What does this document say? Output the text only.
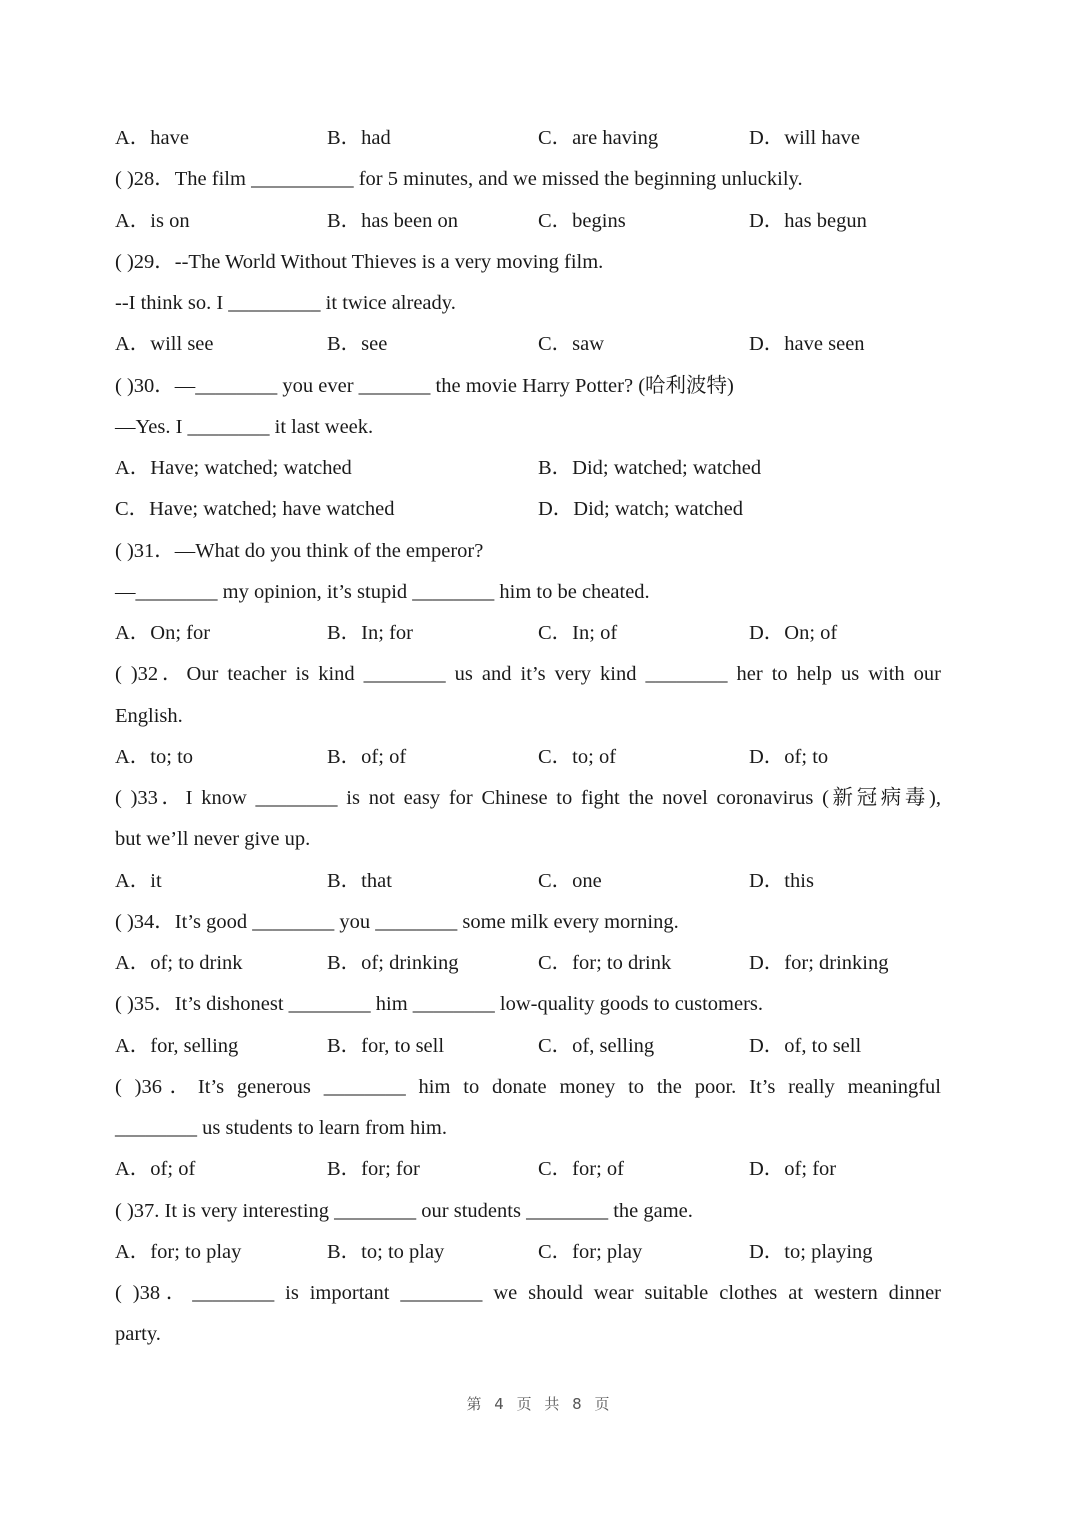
A．have	B．had	C．are having	D．will have
( )28．The film __________ for 5 minutes, and we missed the beginning unluckily.
A．is on	B．has been on	C．begins	D．has begun
( )29．--The World Without Thieves is a very moving film.
--I think so. I _________ it twice already.
A．will see	B．see	C．saw	D．have seen
( )30．—________ you ever _______ the movie Harry Potter? (哈利波特)
—Yes. I ________ it last week.
A．Have; watched; watched	B．Did; watched; watched
C．Have; watched; have watched	D．Did; watch; watched
( )31．—What do you think of the emperor?
—________ my opinion, it’s stupid ________ him to be cheated.
A．On; for	B．In; for	C．In; of	D．On; of
( )32．Our teacher is kind ________ us and it’s very kind ________ her to help us with our
English.
A．to; to	B．of; of	C．to; of	D．of; to
( )33．I know ________ is not easy for Chinese to fight the novel coronavirus (新冠病毒),
but we’ll never give up.
A．it	B．that	C．one	D．this
( )34．It’s good ________ you ________ some milk every morning.
A．of; to drink	B．of; drinking	C．for; to drink	D．for; drinking
( )35．It’s dishonest ________ him ________ low-quality goods to customers.
A．for, selling	B．for, to sell	C．of, selling	D．of, to sell
( )36．It’s generous ________ him to donate money to the poor. It’s really meaningful
________ us students to learn from him.
A．of; of	B．for; for	C．for; of	D．of; for
( )37. It is very interesting ________ our students ________ the game.
A．for; to play	B．to; to play	C．for; play	D．to; playing
( )38．________ is important ________ we should wear suitable clothes at western dinner
party.
第 4 页 共 8 页
